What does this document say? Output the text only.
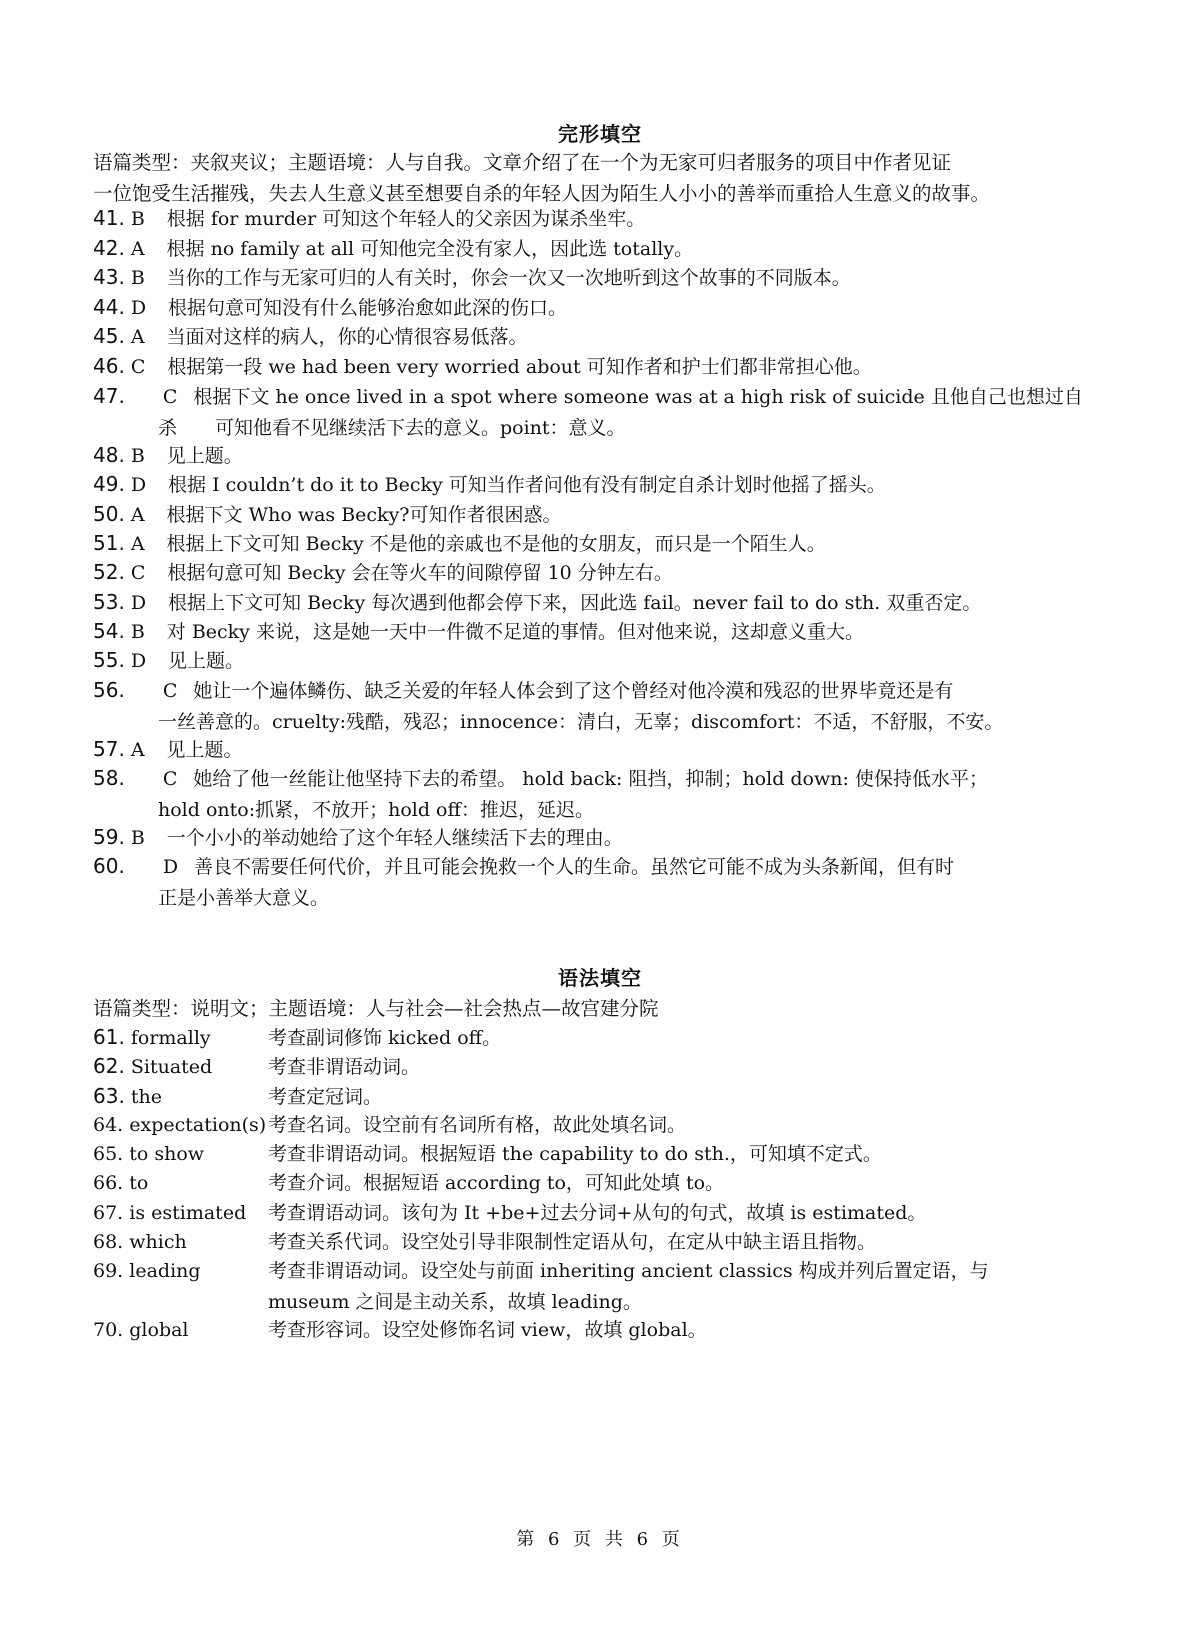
完形填空
语篇类型：夹叙夹议；主题语境：人与自我。文章介绍了在一个为无家可归者服务的项目中作者见证
一位饱受生活摧残，失去人生意义甚至想要自杀的年轻人因为陌生人小小的善举而重拾人生意义的故事。
41. B 根据 for murder 可知这个年轻人的父亲因为谋杀坐牢。
42. A 根据 no family at all 可知他完全没有家人，因此选 totally。
43. B 当你的工作与无家可归的人有关时，你会一次又一次地听到这个故事的不同版本。
44. D 根据句意可知没有什么能够治愈如此深的伤口。
45. A 当面对这样的病人，你的心情很容易低落。
46. C 根据第一段 we had been very worried about 可知作者和护士们都非常担心他。
47. C 根据下文 he once lived in a spot where someone was at a high risk of suicide 且他自己也想过自
杀　　可知他看不见继续活下去的意义。point：意义。
48. B 见上题。
49. D 根据 I couldn’t do it to Becky 可知当作者问他有没有制定自杀计划时他摇了摇头。
50. A 根据下文 Who was Becky?可知作者很困惑。
51. A 根据上下文可知 Becky 不是他的亲戚也不是他的女朋友，而只是一个陌生人。
52. C 根据句意可知 Becky 会在等火车的间隙停留 10 分钟左右。
53. D 根据上下文可知 Becky 每次遇到他都会停下来，因此选 fail。never fail to do sth. 双重否定。
54. B 对 Becky 来说，这是她一天中一件微不足道的事情。但对他来说，这却意义重大。
55. D 见上题。
56. C 她让一个遍体鳞伤、缺乏关爱的年轻人体会到了这个曾经对他冷漠和残忍的世界毕竟还是有
一丝善意的。cruelty:残酷，残忍；innocence：清白，无辜；discomfort：不适，不舒服，不安。
57. A 见上题。
58. C 她给了他一丝能让他坚持下去的希望。 hold back: 阻挡，抑制；hold down: 使保持低水平；
hold onto:抓紧，不放开；hold off：推迟，延迟。
59. B 一个小小的举动她给了这个年轻人继续活下去的理由。
60. D 善良不需要任何代价，并且可能会挽救一个人的生命。虽然它可能不成为头条新闻，但有时
正是小善举大意义。
语法填空
语篇类型：说明文；主题语境：人与社会—社会热点—故宫建分院
61. formally	考查副词修饰 kicked off。
62. Situated	考查非谓语动词。
63. the	考查定冠词。
64. expectation(s)考查名词。设空前有名词所有格，故此处填名词。
65. to show	考查非谓语动词。根据短语 the capability to do sth.，可知填不定式。
66. to	考查介词。根据短语 according to，可知此处填 to。
67. is estimated 考查谓语动词。该句为 It +be+过去分词+从句的句式，故填 is estimated。
68. which	考查关系代词。设空处引导非限制性定语从句，在定从中缺主语且指物。
69. leading	考查非谓语动词。设空处与前面 inheriting ancient classics 构成并列后置定语，与
museum 之间是主动关系，故填 leading。
70. global	考查形容词。设空处修饰名词 view，故填 global。
第 6 页 共 6 页
